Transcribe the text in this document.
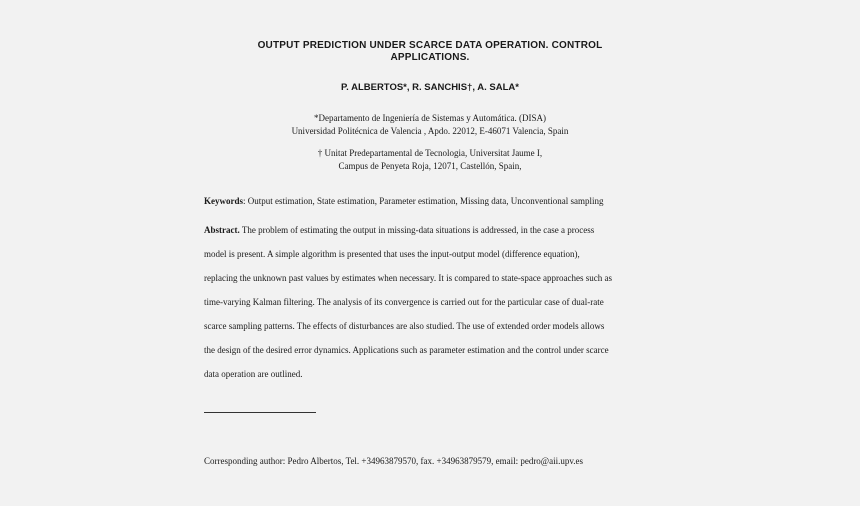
OUTPUT PREDICTION UNDER SCARCE DATA OPERATION. CONTROL
APPLICATIONS.
P. ALBERTOS*, R. SANCHIS†, A. SALA*
*Departamento de Ingeniería de Sistemas y Automática. (DISA)
Universidad Politécnica de Valencia , Apdo. 22012, E-46071 Valencia, Spain
† Unitat Predepartamental de Tecnologia, Universitat Jaume I,
Campus de Penyeta Roja, 12071, Castellón, Spain,
Keywords: Output estimation, State estimation, Parameter estimation, Missing data, Unconventional sampling
Abstract. The problem of estimating the output in missing-data situations is addressed, in the case a process
model is present. A simple algorithm is presented that uses the input-output model (difference equation),
replacing the unknown past values by estimates when necessary. It is compared to state-space approaches such as
time-varying Kalman filtering. The analysis of its convergence is carried out for the particular case of dual-rate
scarce sampling patterns. The effects of disturbances are also studied. The use of extended order models allows
the design of the desired error dynamics. Applications such as parameter estimation and the control under scarce
data operation are outlined.
Corresponding author: Pedro Albertos, Tel. +34963879570, fax. +34963879579, email: pedro@aii.upv.es
